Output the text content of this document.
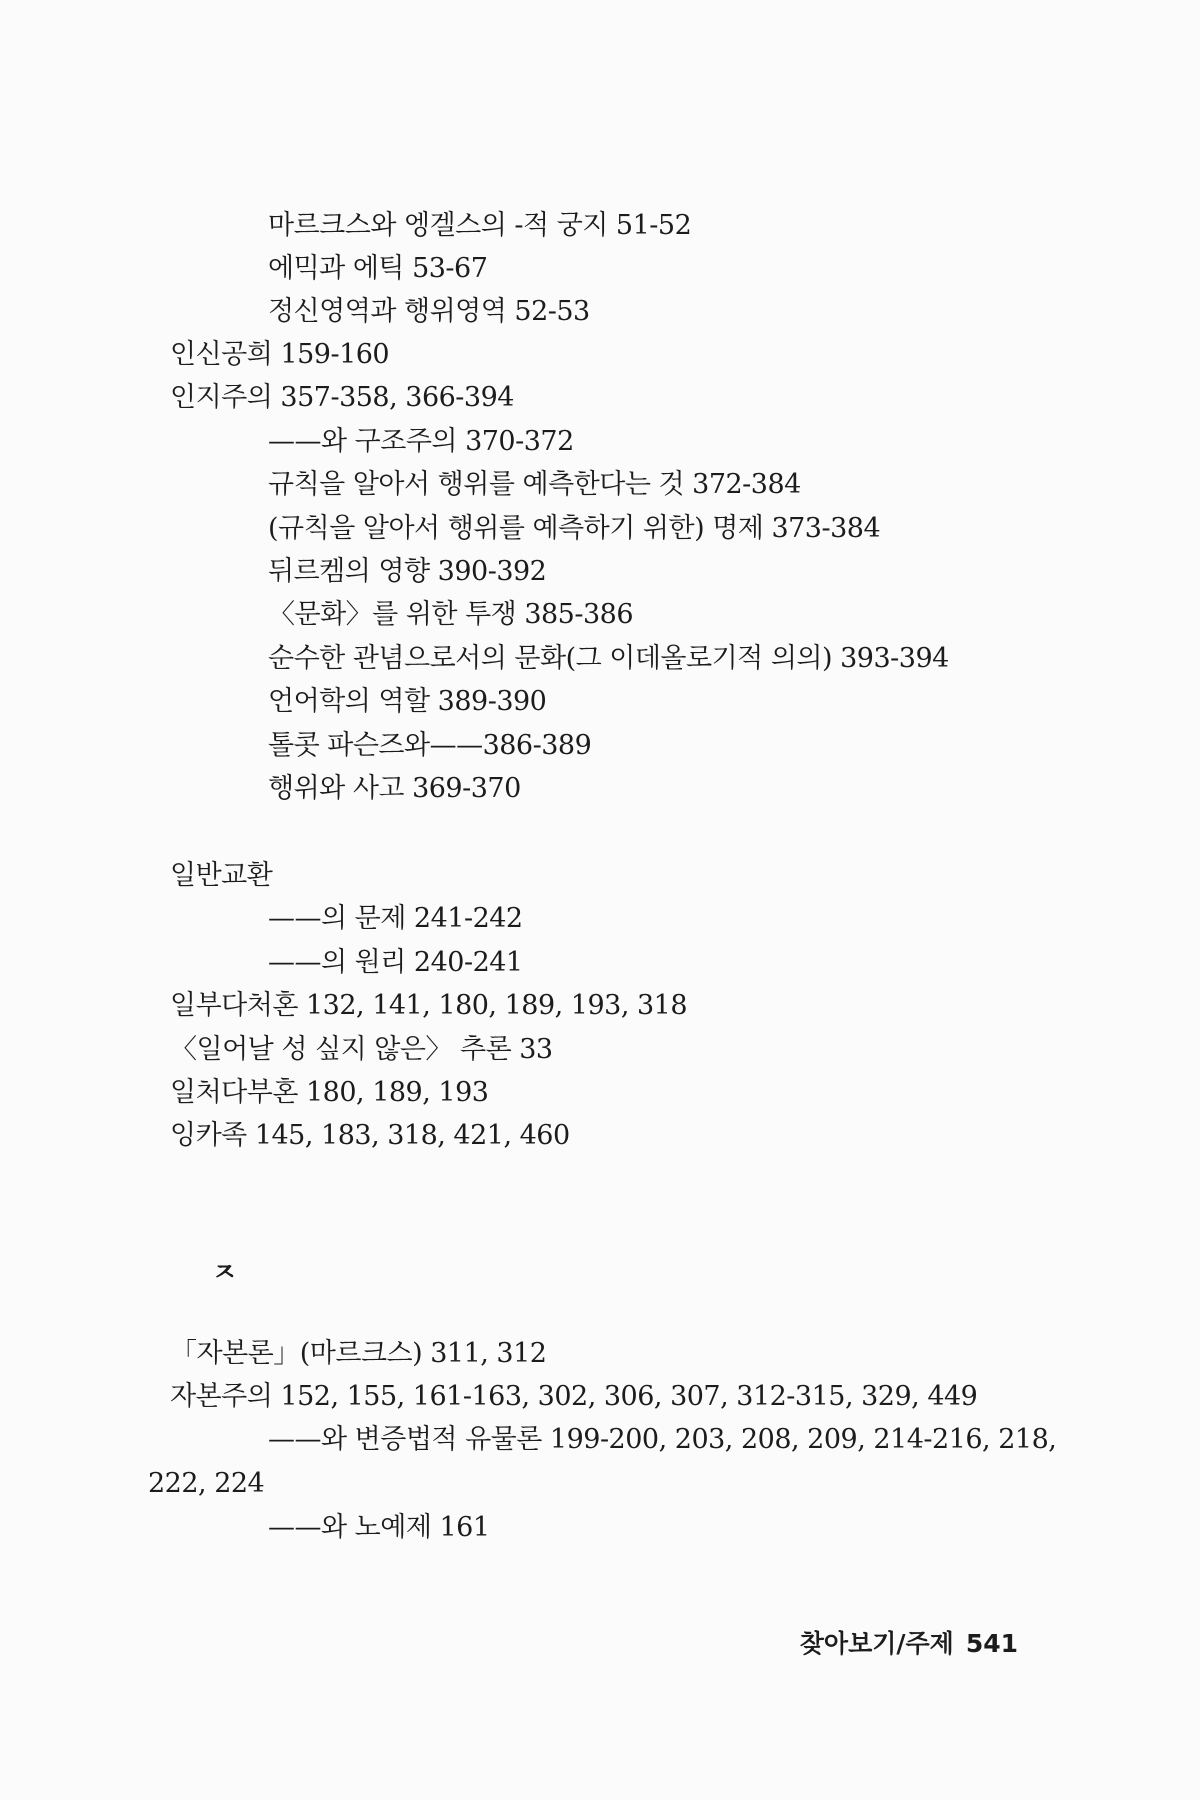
마르크스와 엥겔스의 -적 궁지 51-52
에믹과 에틱 53-67
정신영역과 행위영역 52-53
인신공희 159-160
인지주의 357-358, 366-394
——와 구조주의 370-372
규칙을 알아서 행위를 예측한다는 것 372-384
(규칙을 알아서 행위를 예측하기 위한) 명제 373-384
뒤르켐의 영향 390-392
〈문화〉를 위한 투쟁 385-386
순수한 관념으로서의 문화(그 이데올로기적 의의) 393-394
언어학의 역할 389-390
톨콧 파슨즈와——386-389
행위와 사고 369-370
일반교환
——의 문제 241-242
——의 원리 240-241
일부다처혼 132, 141, 180, 189, 193, 318
〈일어날 성 싶지 않은〉 추론 33
일처다부혼 180, 189, 193
잉카족 145, 183, 318, 421, 460
ㅈ
「자본론」(마르크스) 311, 312
자본주의 152, 155, 161-163, 302, 306, 307, 312-315, 329, 449
——와 변증법적 유물론 199-200, 203, 208, 209, 214-216, 218,
222, 224
——와 노예제 161
찾아보기/주제 541
